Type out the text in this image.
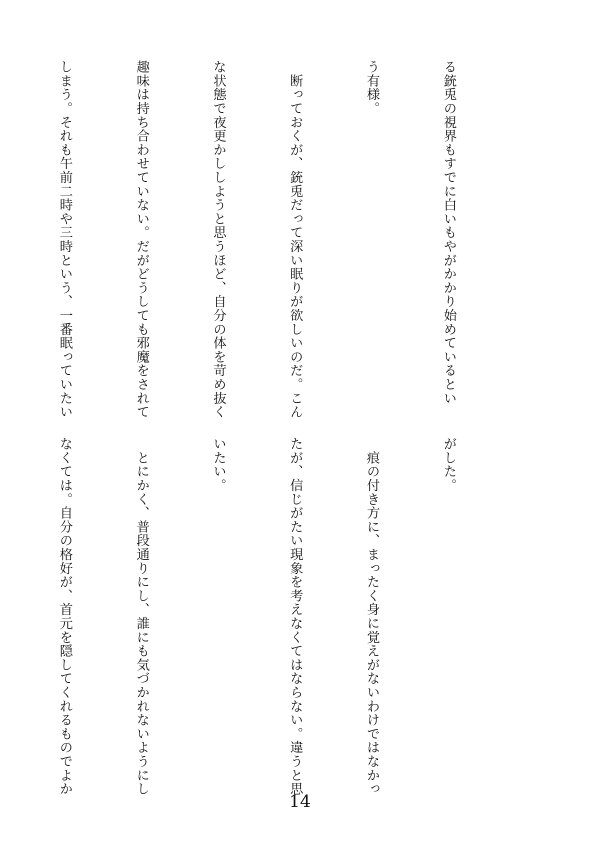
る銃兎の視界もすでに白いもやがかかり始めているとい

う有様。

　断っておくが、銃兎だって深い眠りが欲しいのだ。こん

な状態で夜更かししようと思うほど、自分の体を苛め抜く

趣味は持ち合わせていない。だがどうしても邪魔をされて

しまう。それも午前二時や三時という、一番眠っていたい

がした。

　痕の付き方に、まったく身に覚えがないわけではなかっ

たが、信じがたい現象を考えなくてはならない。違うと思

いたい。

　とにかく、普段通りにし、誰にも気づかれないようにし

なくては。自分の格好が、首元を隠してくれるものでよか

14
